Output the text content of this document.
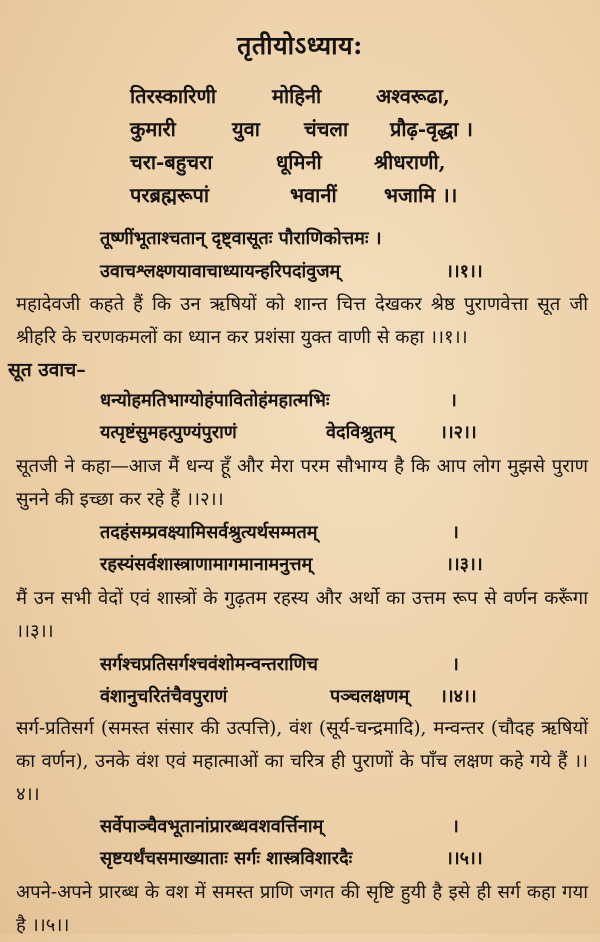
तृतीयोऽध्याय:
तिरस्कारिणी	मोहिनी	अश्वरूढा,
कुमारी	युवा चंचला प्रौढ़-वृद्धा ।
चरा-बहुचरा	धूमिनी	श्रीधराणी,
परब्रह्मरूपां	भवानीं भजामि ।।
तूष्णींभूताश्चतान् दृष्ट्वासूतः पौराणिकोत्तमः ।
उवाचश्लक्ष्णयावाचाध्यायन्हरिपदांवुजम्	।।१।।
महादेवजी कहते हैं कि उन ऋषियों को शान्त चित्त देखकर श्रेष्ठ पुराणवेत्ता सूत जी श्रीहरि के चरणकमलों का ध्यान कर प्रशंसा युक्त वाणी से कहा ।।१।।
सूत उवाच–
धन्योहमतिभाग्योहंपावितोहंमहात्मभिः	।
यत्पृष्टंसुमहत्पुण्यंपुराणं	वेदविश्रुतम्	।।२।।
सूतजी ने कहा—आज मैं धन्य हूँ और मेरा परम सौभाग्य है कि आप लोग मुझसे पुराण सुनने की इच्छा कर रहे हैं ।।२।।
तदहंसम्प्रवक्ष्यामिसर्वश्रुत्यर्थसम्मतम्	।
रहस्यंसर्वशास्त्राणामागमानामनुत्तम्	।।३।।
मैं उन सभी वेदों एवं शास्त्रों के गुढ़तम रहस्य और अर्थो का उत्तम रूप से वर्णन करूँगा ।।३।।
सर्गश्चप्रतिसर्गश्चवंशोमन्वन्तराणिच	।
वंशानुचरितंचैवपुराणं	पञ्चलक्षणम् ।।४।।
सर्ग-प्रतिसर्ग (समस्त संसार की उत्पत्ति), वंश (सूर्य-चन्द्रमादि), मन्वन्तर (चौदह ऋषियों का वर्णन), उनके वंश एवं महात्माओं का चरित्र ही पुराणों के पाँच लक्षण कहे गये हैं ।।४।।
सर्वेपाञ्चैवभूतानांप्रारब्धवशवर्त्तिनाम्	।
सृष्टयर्थंचसमाख्याताः सर्गः शास्त्रविशारदैः	।।५।।
अपने-अपने प्रारब्ध के वश में समस्त प्राणि जगत की सृष्टि हुयी है इसे ही सर्ग कहा गया है ।।५।।
